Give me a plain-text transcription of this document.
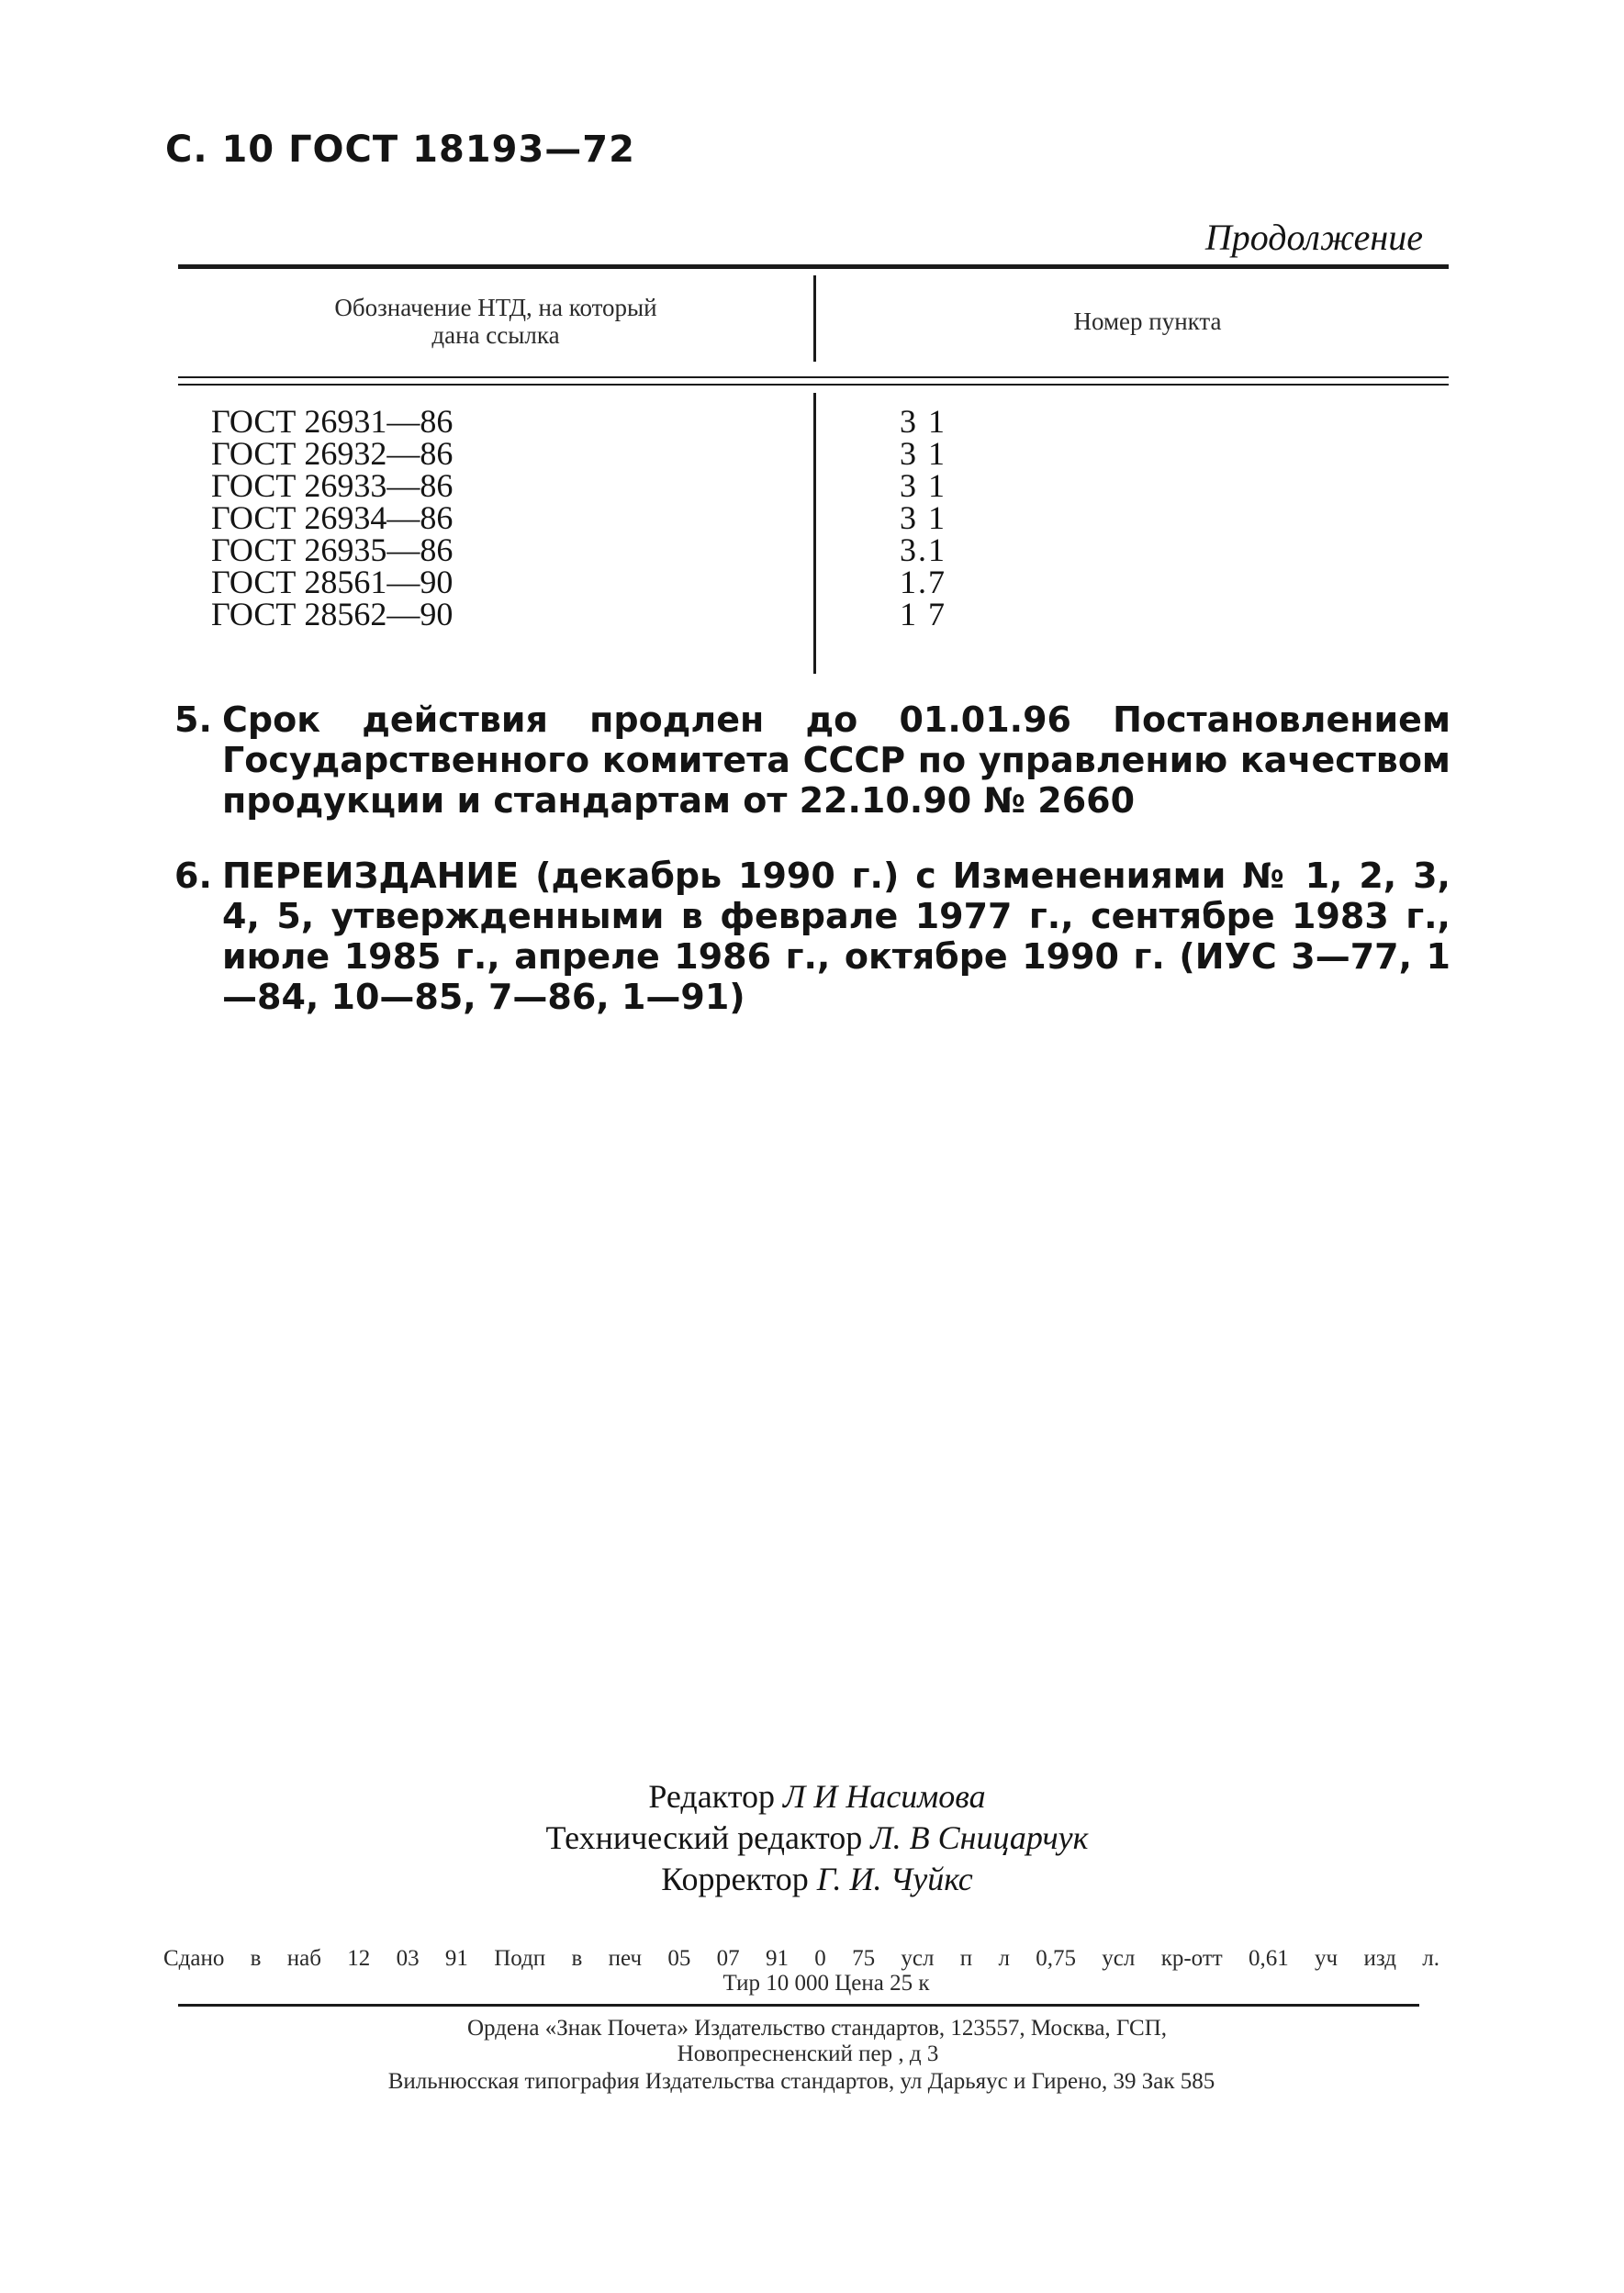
С. 10 ГОСТ 18193—72
Продолжение
Обозначение НТД, на который
дана ссылка	Номер пункта
ГОСТ 26931—86
ГОСТ 26932—86
ГОСТ 26933—86
ГОСТ 26934—86
ГОСТ 26935—86
ГОСТ 28561—90
ГОСТ 28562—90
3 1
3 1
3 1
3 1
3.1
1.7
1 7
5. Срок действия продлен до 01.01.96 Постановлением Государственного комитета СССР по управлению качеством продукции и стандартам от 22.10.90 № 2660
6. ПЕРЕИЗДАНИЕ (декабрь 1990 г.) с Изменениями № 1, 2, 3, 4, 5, утвержденными в феврале 1977 г., сентябре 1983 г., июле 1985 г., апреле 1986 г., октябре 1990 г. (ИУС 3—77, 1—84, 10—85, 7—86, 1—91)
Редактор Л И Насимова
Технический редактор Л. В Сницарчук
Корректор Г. И. Чуйкс
Сдано в наб 12 03 91 Подп в печ 05 07 91 0 75 усл п л 0,75 усл кр-отт 0,61 уч изд л.
Тир 10 000 Цена 25 к
Ордена «Знак Почета» Издательство стандартов, 123557, Москва, ГСП,
Новопресненский пер , д 3
Вильнюсская типография Издательства стандартов, ул Дарьяус и Гирено, 39 Зак 585
